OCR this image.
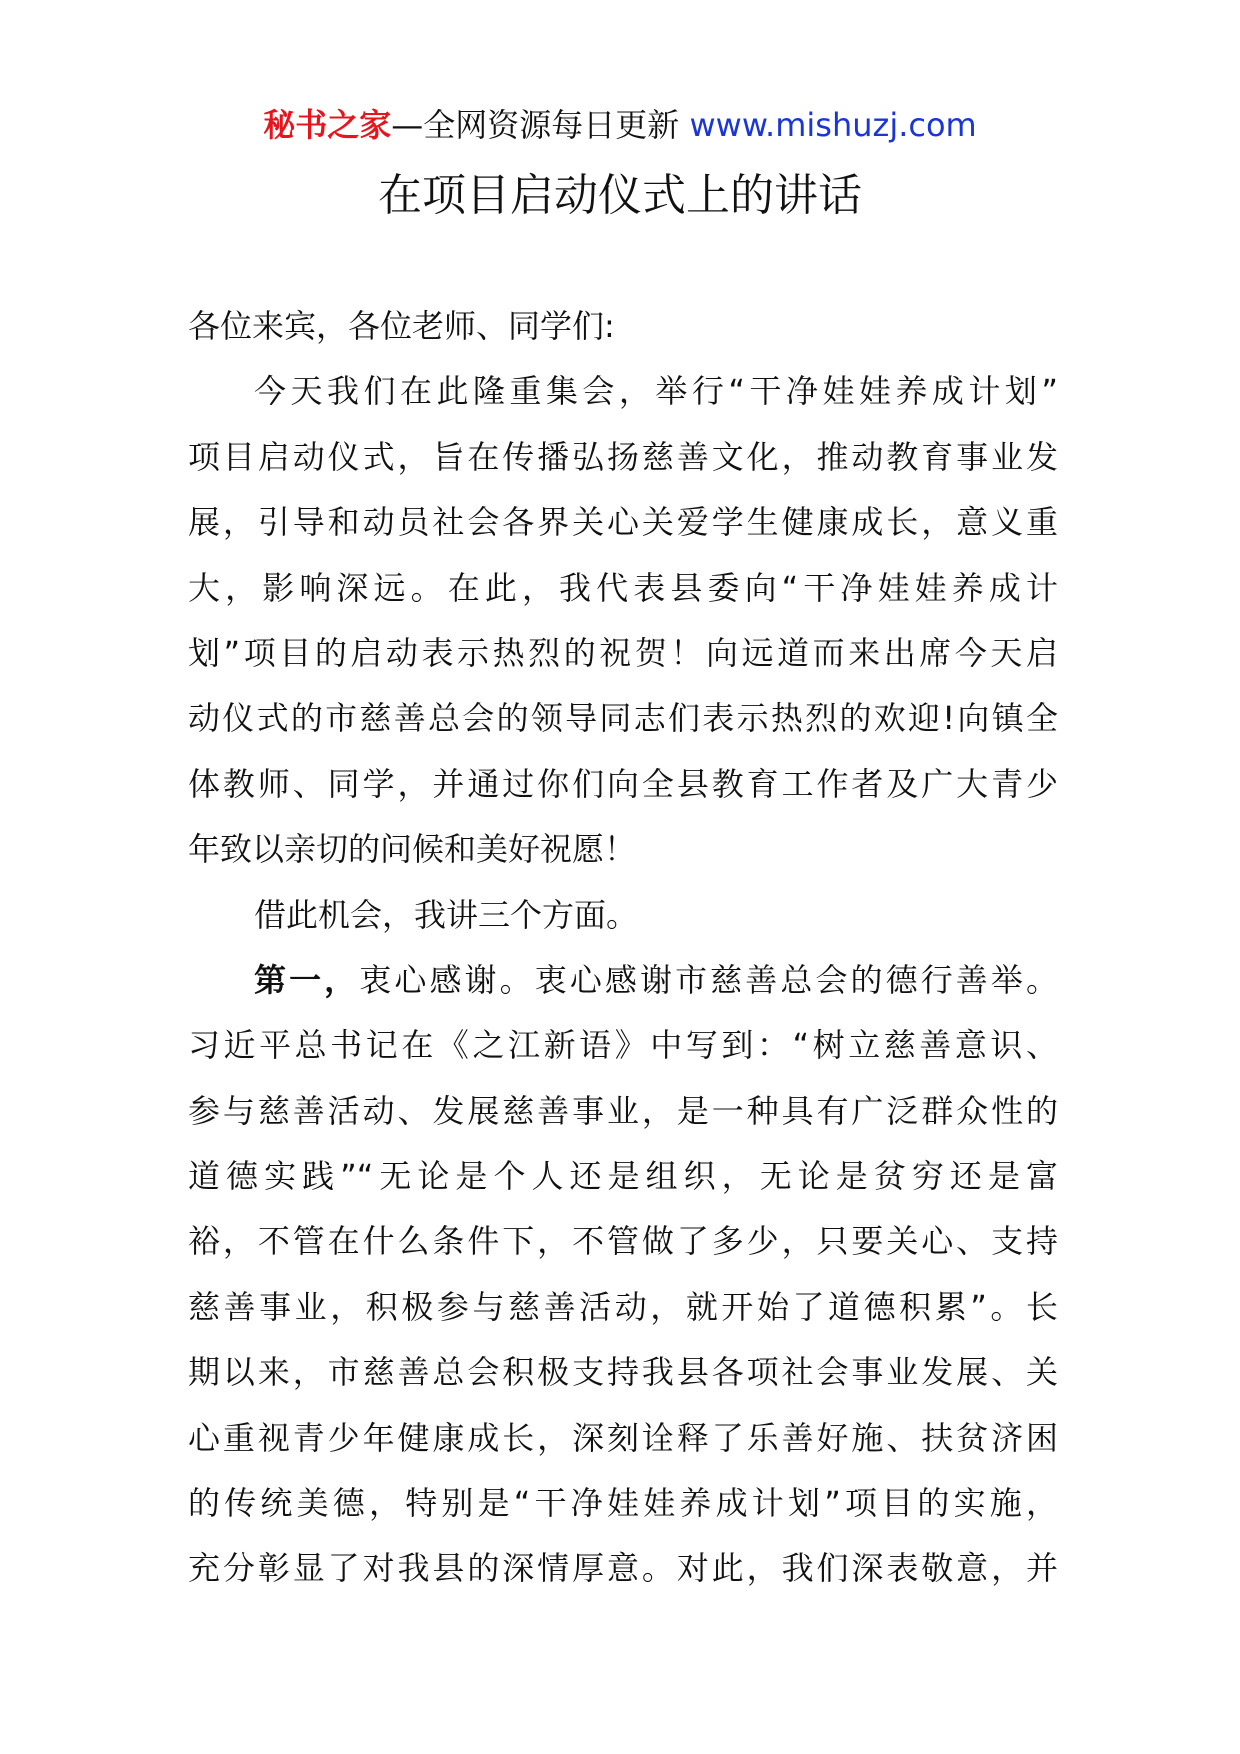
秘书之家—全网资源每日更新 www.mishuzj.com
在项目启动仪式上的讲话
各位来宾，各位老师、同学们:
今天我们在此隆重集会，举行“干净娃娃养成计划”
项目启动仪式，旨在传播弘扬慈善文化，推动教育事业发
展，引导和动员社会各界关心关爱学生健康成长，意义重
大，影响深远。在此，我代表县委向“干净娃娃养成计
划”项目的启动表示热烈的祝贺！向远道而来出席今天启
动仪式的市慈善总会的领导同志们表示热烈的欢迎!向镇全
体教师、同学，并通过你们向全县教育工作者及广大青少
年致以亲切的问候和美好祝愿！
借此机会，我讲三个方面。
第一，衷心感谢。衷心感谢市慈善总会的德行善举。
习近平总书记在《之江新语》中写到：“树立慈善意识、
参与慈善活动、发展慈善事业，是一种具有广泛群众性的
道德实践”“无论是个人还是组织，无论是贫穷还是富
裕，不管在什么条件下，不管做了多少，只要关心、支持
慈善事业，积极参与慈善活动，就开始了道德积累”。长
期以来，市慈善总会积极支持我县各项社会事业发展、关
心重视青少年健康成长，深刻诠释了乐善好施、扶贫济困
的传统美德，特别是“干净娃娃养成计划”项目的实施，
充分彰显了对我县的深情厚意。对此，我们深表敬意，并
